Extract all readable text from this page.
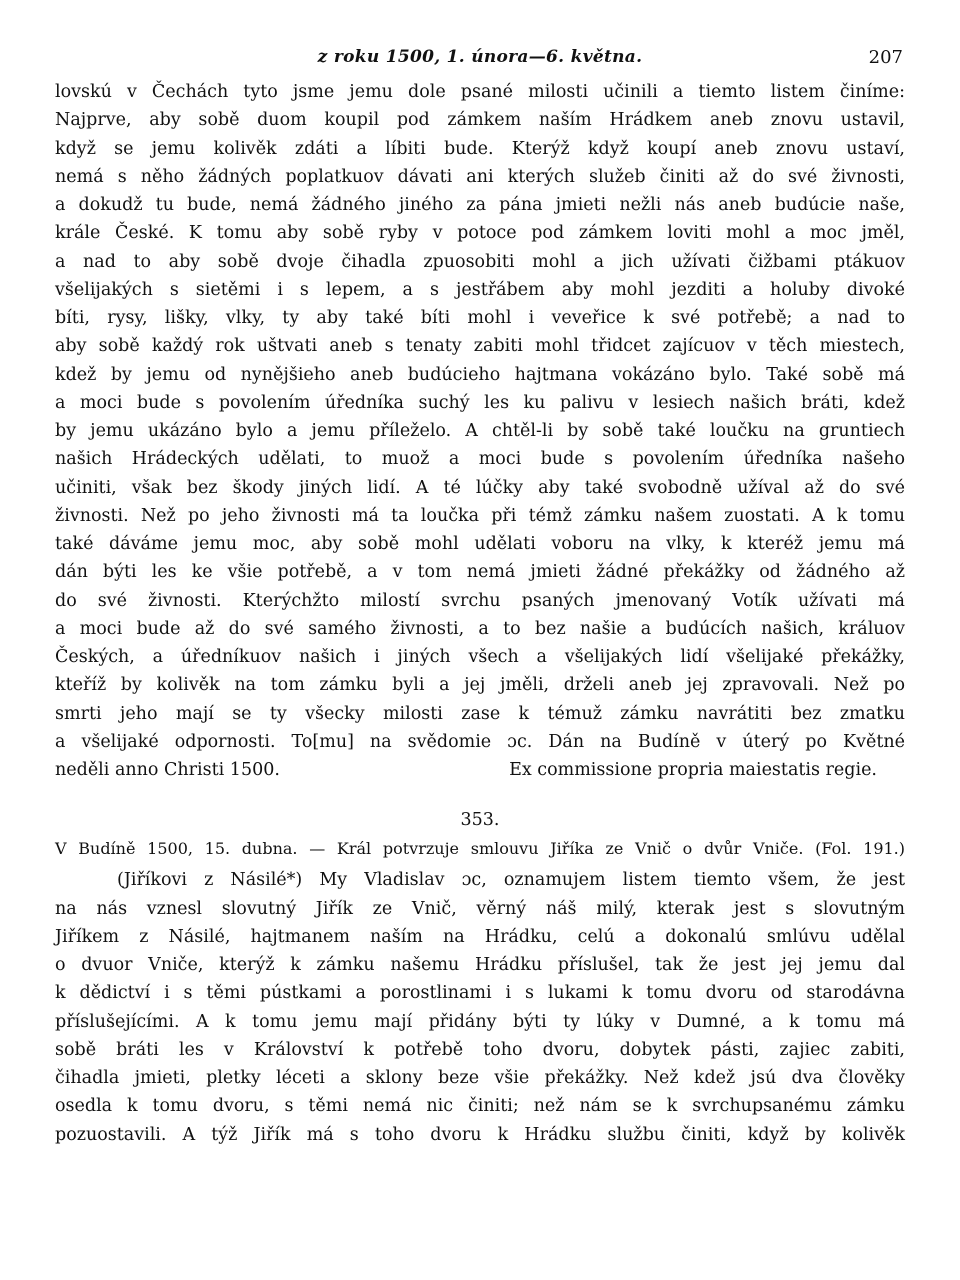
z roku 1500, 1. února—6. května.	207
lovskú v Čechách tyto jsme jemu dole psané milosti učinili a tiemto listem činíme:
Najprve, aby sobě duom koupil pod zámkem naším Hrádkem aneb znovu ustavil,
když se jemu kolivěk zdáti a líbiti bude. Kterýž když koupí aneb znovu ustaví,
nemá s něho žádných poplatkuov dávati ani kterých služeb činiti až do své živnosti,
a dokudž tu bude, nemá žádného jiného za pána jmieti nežli nás aneb budúcie naše,
krále České. K tomu aby sobě ryby v potoce pod zámkem loviti mohl a moc jměl,
a nad to aby sobě dvoje čihadla zpuosobiti mohl a jich užívati čižbami ptákuov
všelijakých s sietěmi i s lepem, a s jestřábem aby mohl jezditi a holuby divoké
bíti, rysy, lišky, vlky, ty aby také bíti mohl i veveřice k své potřebě; a nad to
aby sobě každý rok uštvati aneb s tenaty zabiti mohl třidcet zajícuov v těch miestech,
kdež by jemu od nynějšieho aneb budúcieho hajtmana vokázáno bylo. Také sobě má
a moci bude s povolením úředníka suchý les ku palivu v lesiech našich bráti, kdež
by jemu ukázáno bylo a jemu příleželo. A chtěl-li by sobě také loučku na gruntiech
našich Hrádeckých udělati, to muož a moci bude s povolením úředníka našeho
učiniti, však bez škody jiných lidí. A té lúčky aby také svobodně užíval až do své
živnosti. Než po jeho živnosti má ta loučka při témž zámku našem zuostati. A k tomu
také dáváme jemu moc, aby sobě mohl udělati voboru na vlky, k kteréž jemu má
dán býti les ke všie potřebě, a v tom nemá jmieti žádné překážky od žádného až
do své živnosti. Kterýchžto milostí svrchu psaných jmenovaný Votík užívati má
a moci bude až do své samého živnosti, a to bez našie a budúcích našich, králuov
Českých, a úředníkuov našich i jiných všech a všelijakých lidí všelijaké překážky,
kteříž by kolivěk na tom zámku byli a jej jměli, drželi aneb jej zpravovali. Než po
smrti jeho mají se ty všecky milosti zase k témuž zámku navrátiti bez zmatku
a všelijaké odpornosti. To[mu] na svědomie ɔc. Dán na Budíně v úterý po Květné
neděli anno Christi 1500.	Ex commissione propria maiestatis regie.
353.
V Budíně 1500, 15. dubna. — Král potvrzuje smlouvu Jiříka ze Vnič o dvůr Vniče. (Fol. 191.)
(Jiříkovi z Násilé*) My Vladislav ɔc, oznamujem listem tiemto všem, že jest
na nás vznesl slovutný Jiřík ze Vnič, věrný náš milý, kterak jest s slovutným
Jiříkem z Násilé, hajtmanem naším na Hrádku, celú a dokonalú smlúvu udělal
o dvuor Vniče, kterýž k zámku našemu Hrádku příslušel, tak že jest jej jemu dal
k dědictví i s těmi pústkami a porostlinami i s lukami k tomu dvoru od starodávna
příslušejícími. A k tomu jemu mají přidány býti ty lúky v Dumné, a k tomu má
sobě bráti les v Království k potřebě toho dvoru, dobytek pásti, zajiec zabiti,
čihadla jmieti, pletky léceti a sklony beze všie překážky. Než kdež jsú dva člověky
osedla k tomu dvoru, s těmi nemá nic činiti; než nám se k svrchupsanému zámku
pozuostavili. A týž Jiřík má s toho dvoru k Hrádku službu činiti, když by kolivěk
